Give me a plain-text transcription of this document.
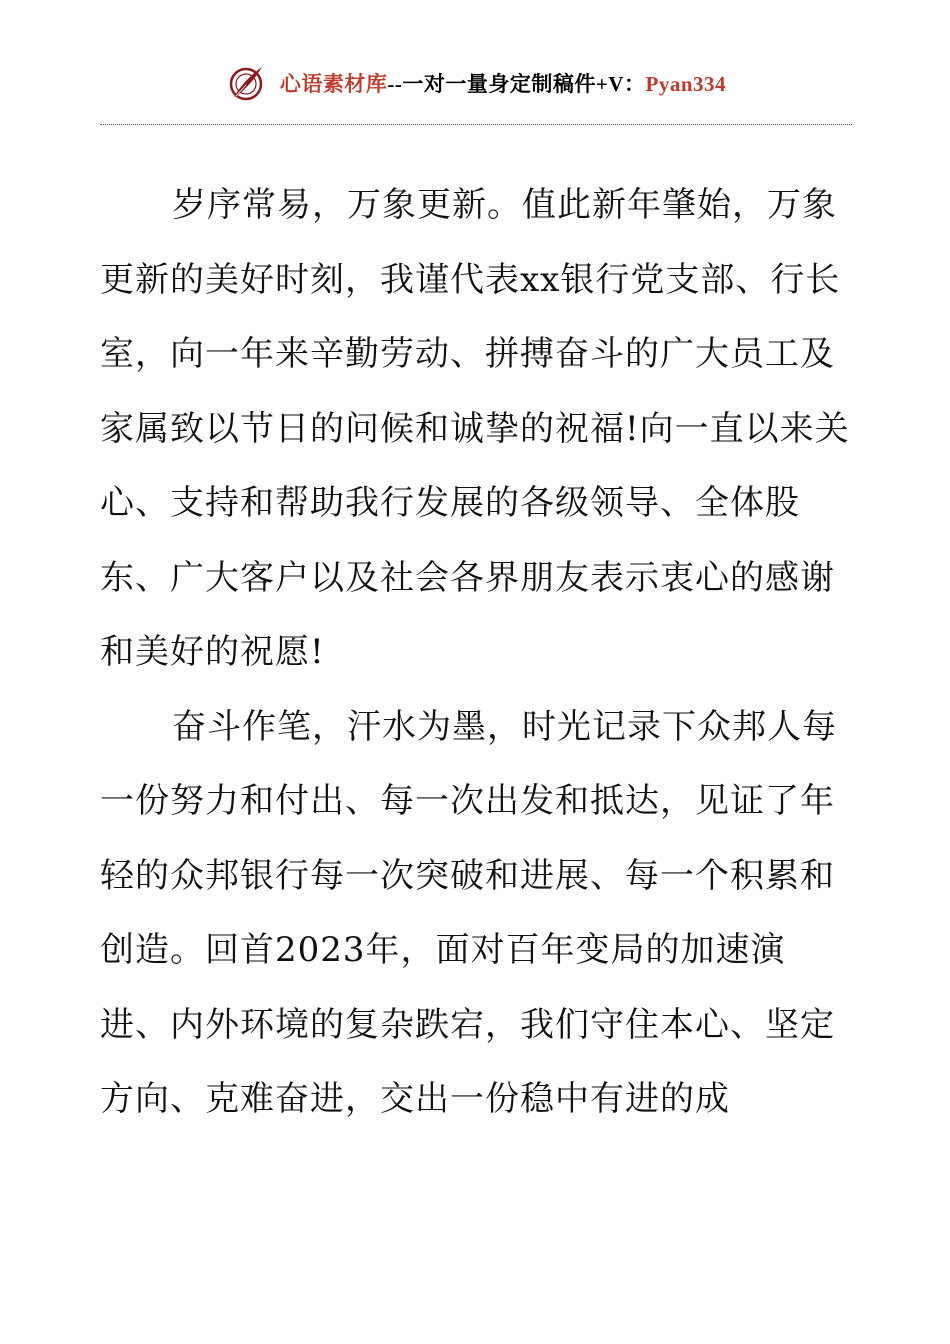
心语素材库--一对一量身定制稿件+V：Pyan334

岁序常易，万象更新。值此新年肇始，万象更新的美好时刻，我谨代表xx银行党支部、行长室，向一年来辛勤劳动、拼搏奋斗的广大员工及家属致以节日的问候和诚挚的祝福!向一直以来关心、支持和帮助我行发展的各级领导、全体股东、广大客户以及社会各界朋友表示衷心的感谢和美好的祝愿!

奋斗作笔，汗水为墨，时光记录下众邦人每一份努力和付出、每一次出发和抵达，见证了年轻的众邦银行每一次突破和进展、每一个积累和创造。回首2023年，面对百年变局的加速演进、内外环境的复杂跌宕，我们守住本心、坚定方向、克难奋进，交出一份稳中有进的成
